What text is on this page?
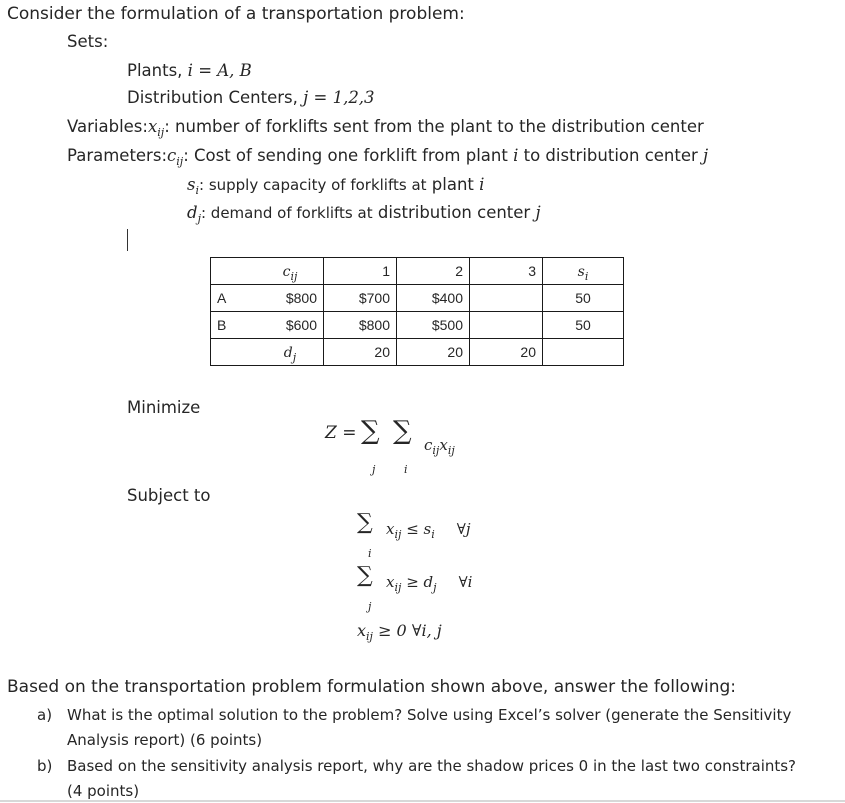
Consider the formulation of a transportation problem:
Sets:
Plants, i = A, B
Distribution Centers, j = 1,2,3
$Variables:x_{ij}$: number of forklifts sent from the plant to the distribution center
$Parameters:c_{ij}$: Cost of sending one forklift from plant i to distribution center j
$s_i$: supply capacity of forklifts at plant i
$d_j$: demand of forklifts at distribution center j
	$c_{ij}$	1	2	3	$s_i$
A	$800	$700	$400		50
B	$600	$800	$500		50
	$d_j$	20	20	20	
Minimize
Z = ∑ ∑
j	i
$c_{ij}x_{ij}$
Subject to
∑
i
$x_{ij} \le s_i$ ∀j
∑
j
$x_{ij} \ge d_j$ ∀i
$x_{ij} \ge 0$ ∀i, j
Based on the transportation problem formulation shown above, answer the following:
a) What is the optimal solution to the problem? Solve using Excel’s solver (generate the Sensitivity
Analysis report) (6 points)
b) Based on the sensitivity analysis report, why are the shadow prices 0 in the last two constraints?
(4 points)
